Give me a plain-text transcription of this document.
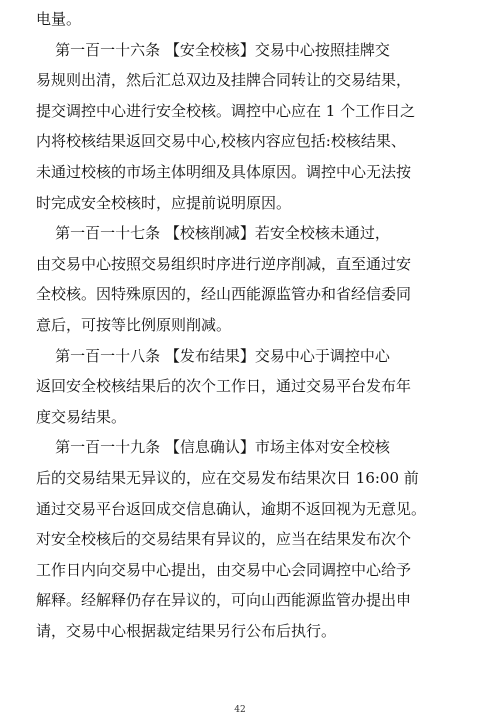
电量。
第一百一十六条 【安全校核】交易中心按照挂牌交
易规则出清，然后汇总双边及挂牌合同转让的交易结果，
提交调控中心进行安全校核。调控中心应在 1 个工作日之
内将校核结果返回交易中心,校核内容应包括:校核结果、
未通过校核的市场主体明细及具体原因。调控中心无法按
时完成安全校核时，应提前说明原因。
第一百一十七条 【校核削减】若安全校核未通过，
由交易中心按照交易组织时序进行逆序削减，直至通过安
全校核。因特殊原因的，经山西能源监管办和省经信委同
意后，可按等比例原则削减。
第一百一十八条 【发布结果】交易中心于调控中心
返回安全校核结果后的次个工作日，通过交易平台发布年
度交易结果。
第一百一十九条 【信息确认】市场主体对安全校核
后的交易结果无异议的，应在交易发布结果次日 16:00 前
通过交易平台返回成交信息确认，逾期不返回视为无意见。
对安全校核后的交易结果有异议的，应当在结果发布次个
工作日内向交易中心提出，由交易中心会同调控中心给予
解释。经解释仍存在异议的，可向山西能源监管办提出申
请，交易中心根据裁定结果另行公布后执行。
42
